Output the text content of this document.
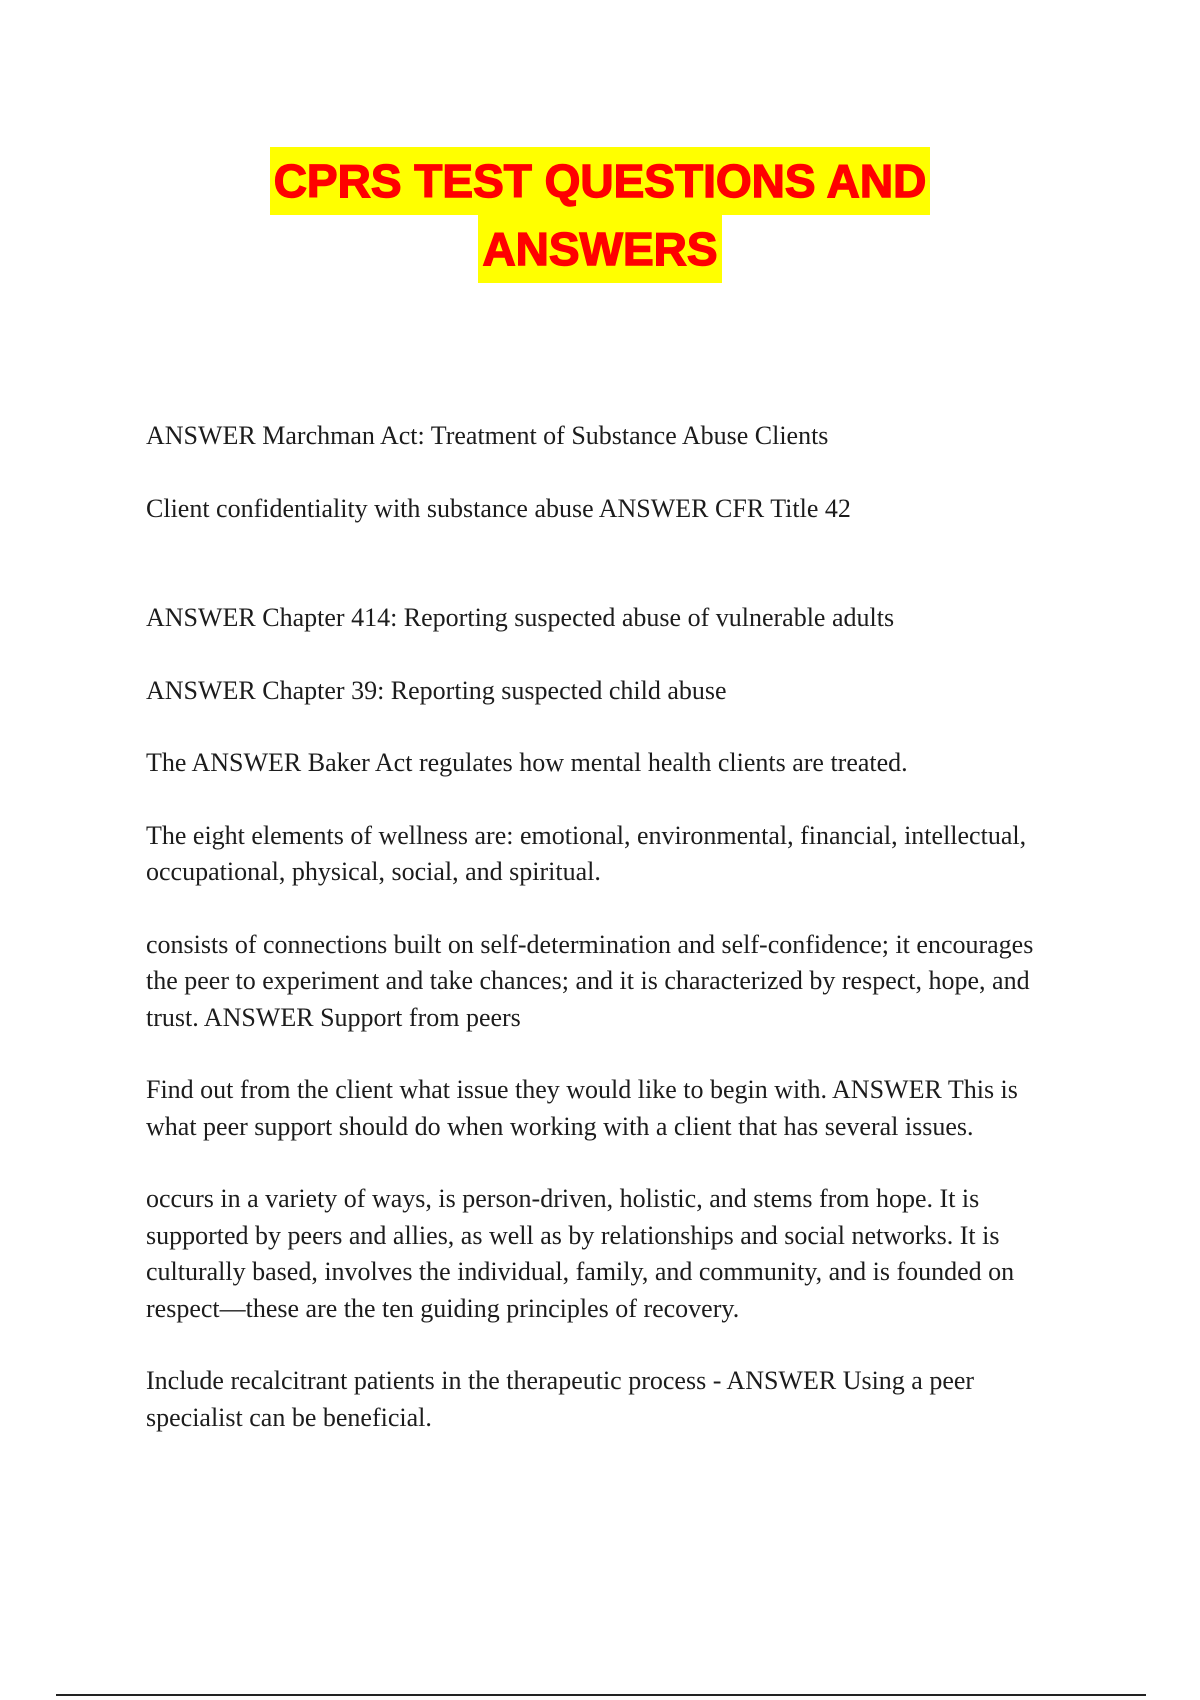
CPRS TEST QUESTIONS AND
ANSWERS

ANSWER Marchman Act: Treatment of Substance Abuse Clients

Client confidentiality with substance abuse ANSWER CFR Title 42

ANSWER Chapter 414: Reporting suspected abuse of vulnerable adults

ANSWER Chapter 39: Reporting suspected child abuse

The ANSWER Baker Act regulates how mental health clients are treated.

The eight elements of wellness are: emotional, environmental, financial, intellectual, occupational, physical, social, and spiritual.

consists of connections built on self-determination and self-confidence; it encourages the peer to experiment and take chances; and it is characterized by respect, hope, and trust. ANSWER Support from peers

Find out from the client what issue they would like to begin with. ANSWER This is what peer support should do when working with a client that has several issues.

occurs in a variety of ways, is person-driven, holistic, and stems from hope. It is supported by peers and allies, as well as by relationships and social networks. It is culturally based, involves the individual, family, and community, and is founded on respect—these are the ten guiding principles of recovery.

Include recalcitrant patients in the therapeutic process - ANSWER Using a peer specialist can be beneficial.
